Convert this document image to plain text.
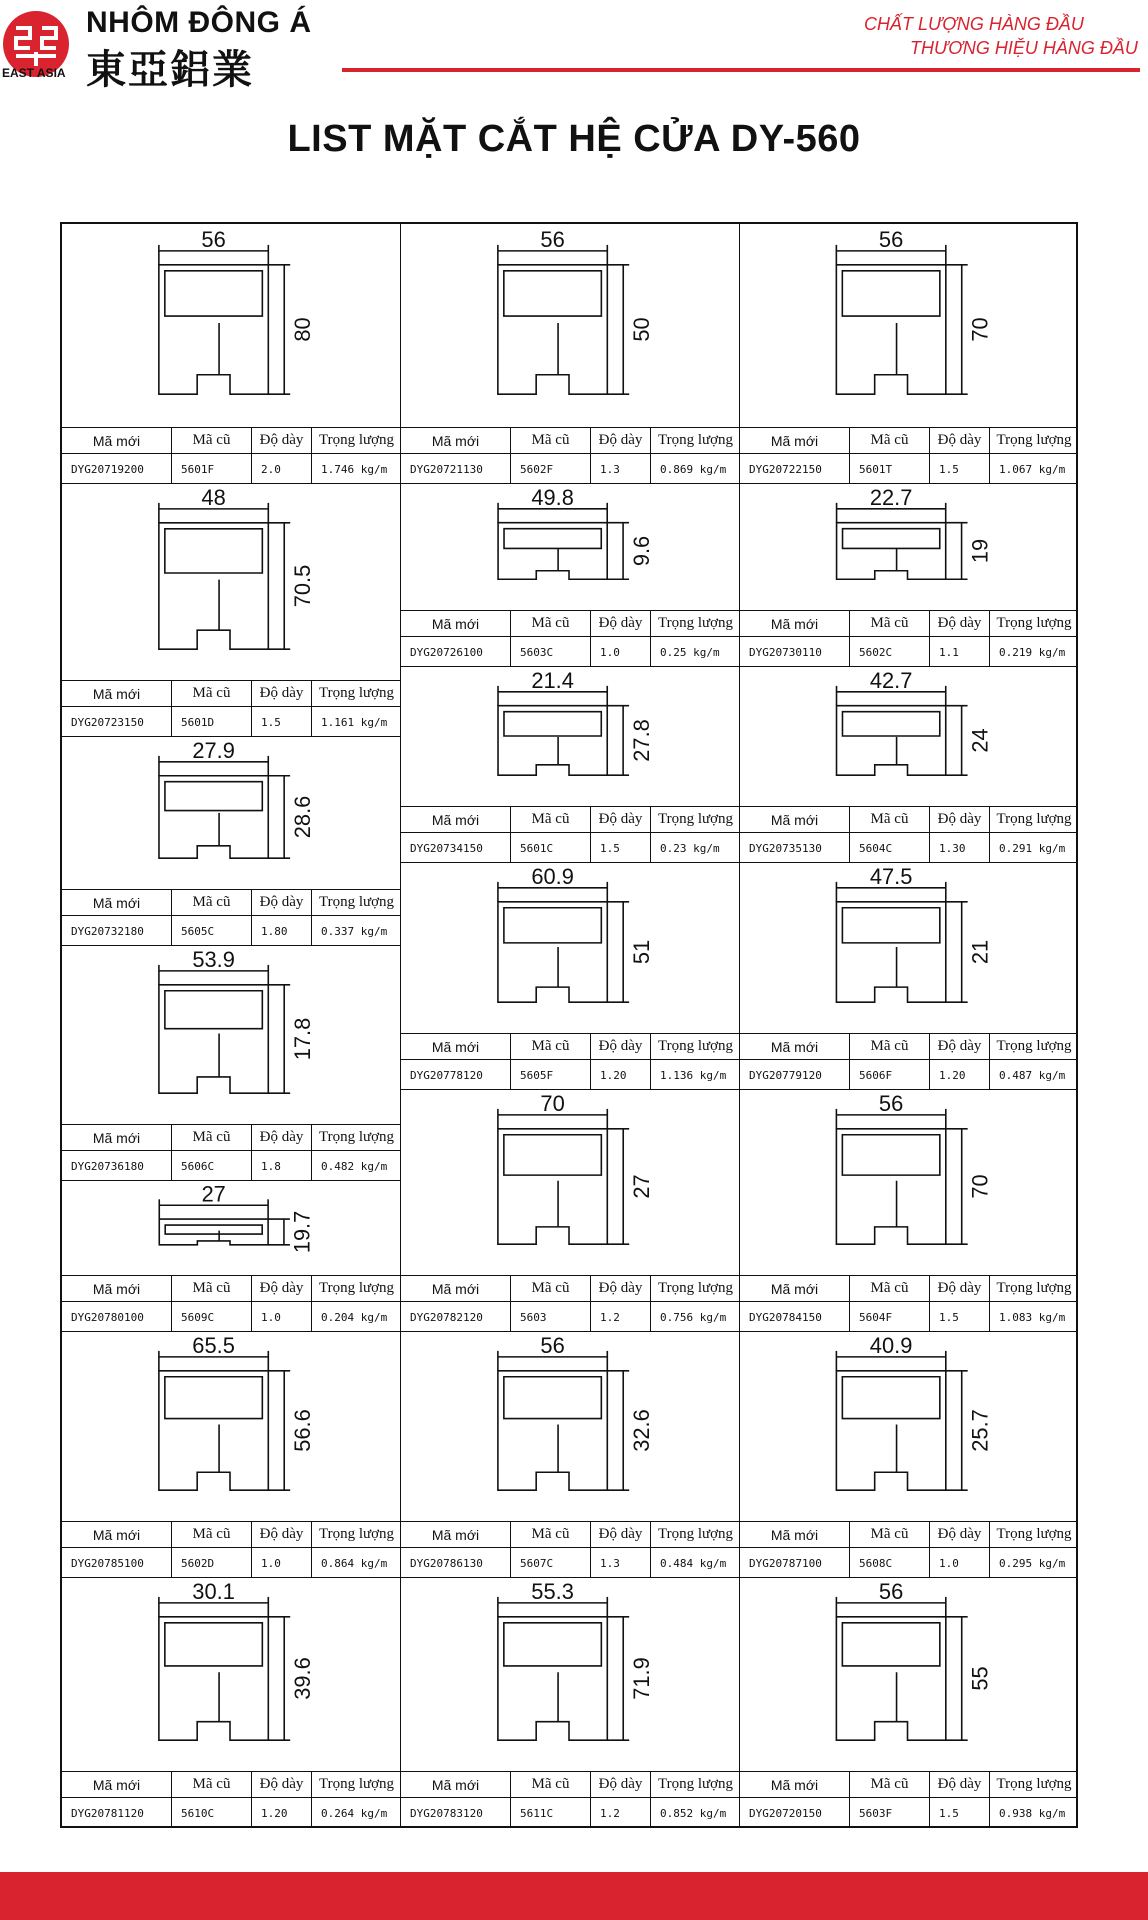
EAST ASIA
NHÔM ĐÔNG Á
東亞鋁業
CHẤT LƯỢNG HÀNG ĐẦU
THƯƠNG HIỆU HÀNG ĐẦU
LIST MẶT CẮT HỆ CỬA DY-560
56
80
Mã mới	Mã cũ	Độ dày	Trọng lượng
DYG20719200	5601F	2.0	1.746 kg/m
56
50
Mã mới	Mã cũ	Độ dày	Trọng lượng
DYG20721130	5602F	1.3	0.869 kg/m
56
70
Mã mới	Mã cũ	Độ dày	Trọng lượng
DYG20722150	5601T	1.5	1.067 kg/m
48
70.5
Mã mới	Mã cũ	Độ dày	Trọng lượng
DYG20723150	5601D	1.5	1.161 kg/m
49.8
9.6
Mã mới	Mã cũ	Độ dày	Trọng lượng
DYG20726100	5603C	1.0	0.25 kg/m
22.7
19
Mã mới	Mã cũ	Độ dày	Trọng lượng
DYG20730110	5602C	1.1	0.219 kg/m
27.9
28.6
Mã mới	Mã cũ	Độ dày	Trọng lượng
DYG20732180	5605C	1.80	0.337 kg/m
21.4
27.8
Mã mới	Mã cũ	Độ dày	Trọng lượng
DYG20734150	5601C	1.5	0.23 kg/m
42.7
24
Mã mới	Mã cũ	Độ dày	Trọng lượng
DYG20735130	5604C	1.30	0.291 kg/m
53.9
17.8
Mã mới	Mã cũ	Độ dày	Trọng lượng
DYG20736180	5606C	1.8	0.482 kg/m
60.9
51
Mã mới	Mã cũ	Độ dày	Trọng lượng
DYG20778120	5605F	1.20	1.136 kg/m
47.5
21
Mã mới	Mã cũ	Độ dày	Trọng lượng
DYG20779120	5606F	1.20	0.487 kg/m
27
19.7
Mã mới	Mã cũ	Độ dày	Trọng lượng
DYG20780100	5609C	1.0	0.204 kg/m
70
27
Mã mới	Mã cũ	Độ dày	Trọng lượng
DYG20782120	5603	1.2	0.756 kg/m
56
70
Mã mới	Mã cũ	Độ dày	Trọng lượng
DYG20784150	5604F	1.5	1.083 kg/m
65.5
56.6
Mã mới	Mã cũ	Độ dày	Trọng lượng
DYG20785100	5602D	1.0	0.864 kg/m
56
32.6
Mã mới	Mã cũ	Độ dày	Trọng lượng
DYG20786130	5607C	1.3	0.484 kg/m
40.9
25.7
Mã mới	Mã cũ	Độ dày	Trọng lượng
DYG20787100	5608C	1.0	0.295 kg/m
30.1
39.6
Mã mới	Mã cũ	Độ dày	Trọng lượng
DYG20781120	5610C	1.20	0.264 kg/m
55.3
71.9
Mã mới	Mã cũ	Độ dày	Trọng lượng
DYG20783120	5611C	1.2	0.852 kg/m
56
55
Mã mới	Mã cũ	Độ dày	Trọng lượng
DYG20720150	5603F	1.5	0.938 kg/m
